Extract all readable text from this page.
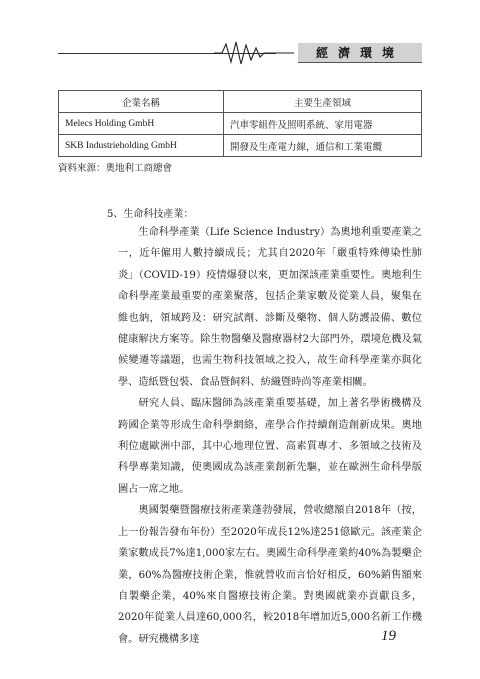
經濟環境
企業名稱	主要生產領域
Melecs Holding GmbH	汽車零組件及照明系統、家用電器
SKB Industrieholding GmbH	開發及生產電力線，通信和工業電纜
資料來源：奧地利工商總會
5、生命科技產業：

生命科學產業（Life Science Industry）為奧地利重要產業之一，近年僱用人數持續成長；尤其自2020年「嚴重特殊傳染性肺炎」（COVID-19）疫情爆發以來，更加深該產業重要性。奧地利生命科學產業最重要的產業聚落，包括企業家數及從業人員，聚集在維也納，領域跨及：研究試劑、診斷及藥物、個人防護設備、數位健康解決方案等。除生物醫藥及醫療器材2大部門外，環境危機及氣候變遷等議題，也需生物科技領域之投入，故生命科學產業亦與化學、造紙暨包裝、食品暨飼料、紡織暨時尚等產業相關。

研究人員、臨床醫師為該產業重要基礎，加上著名學術機構及跨國企業等形成生命科學網絡，產學合作持續創造創新成果。奧地利位處歐洲中部，其中心地理位置、高素質專才、多領域之技術及科學專業知識，使奧國成為該產業創新先驅，並在歐洲生命科學版圖占一席之地。

奧國製藥暨醫療技術產業蓬勃發展，營收總額自2018年（按，上一份報告發布年份）至2020年成長12%達251億歐元。該產業企業家數成長7%達1,000家左右。奧國生命科學產業約40%為製藥企業，60%為醫療技術企業，惟就營收而言恰好相反，60%銷售額來自製藥企業，40%來自醫療技術企業。對奧國就業亦貢獻良多，2020年從業人員達60,000名，較2018年增加近5,000名新工作機會。研究機構多達	19
